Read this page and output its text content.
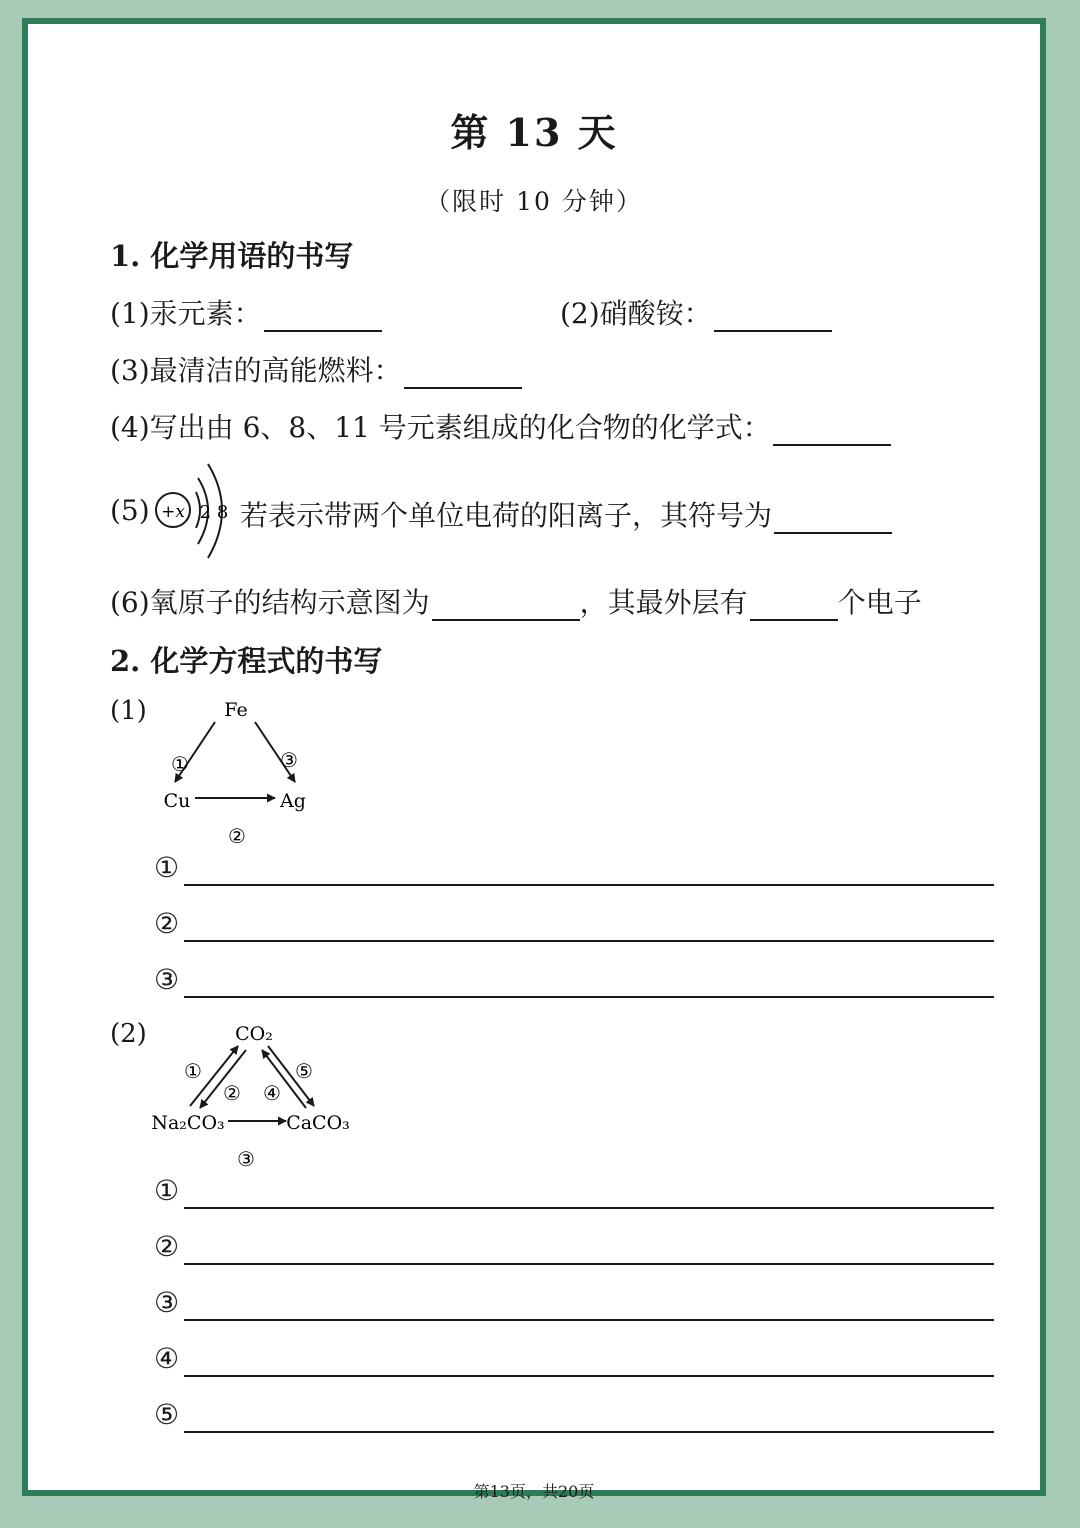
第 13 天
（限时 10 分钟）
1. 化学用语的书写
(1)汞元素：	(2)硝酸铵：
(3)最清洁的高能燃料：
(4)写出由 6、8、11 号元素组成的化合物的化学式：
(5) +x 2 8 若表示带两个单位电荷的阳离子，其符号为
(6)氧原子的结构示意图为	，其最外层有	个电子
2. 化学方程式的书写
(1)	Fe
Cu	Ag
①
②
③
①
②
③
(2)	CO₂
Na₂CO₃	CaCO₃
①
②
③
④
⑤
①
②
③
④
⑤
第13页，共20页
